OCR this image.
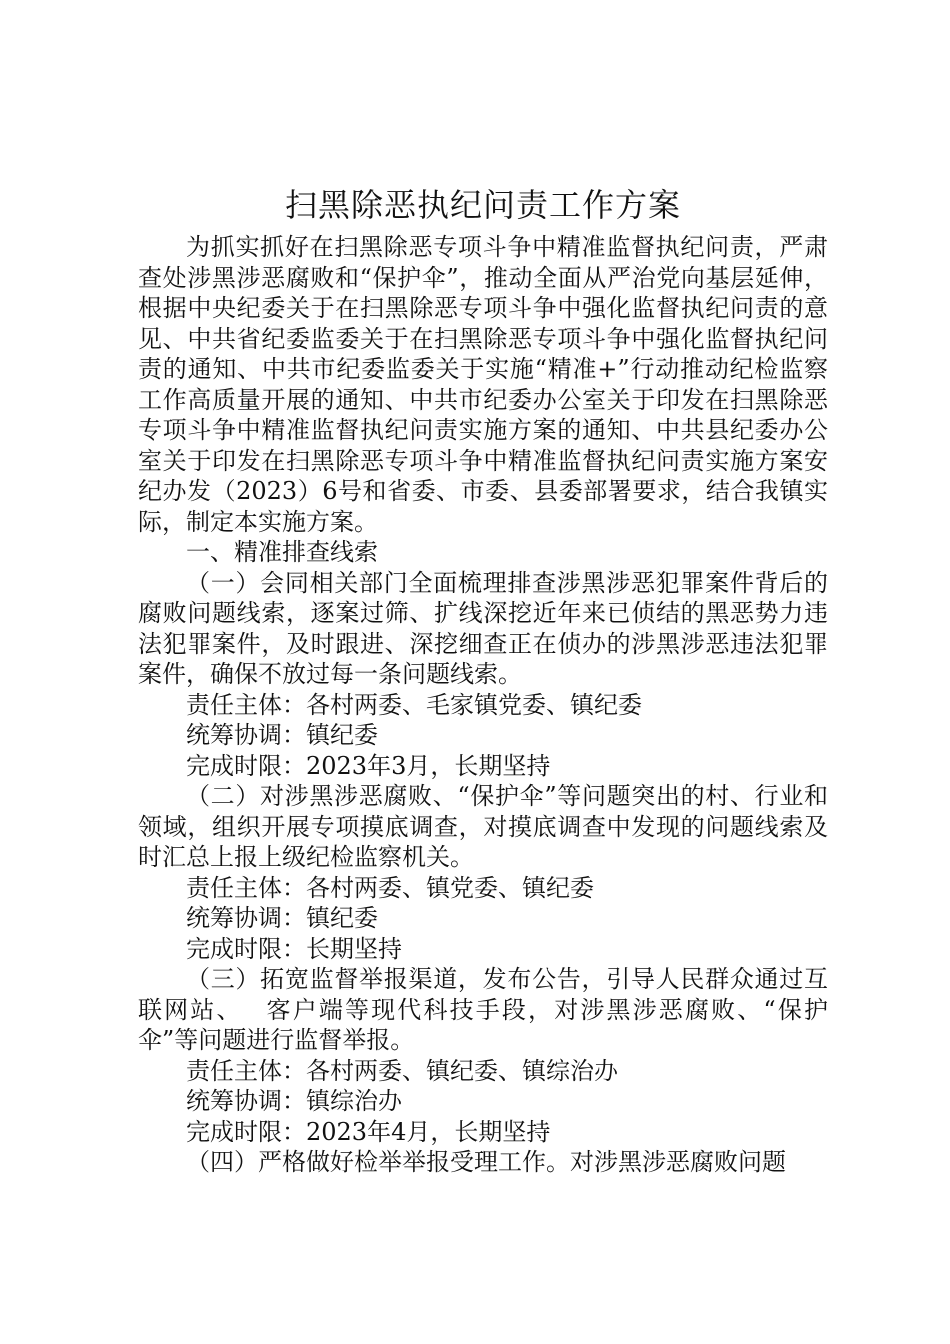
扫黑除恶执纪问责工作方案

为抓实抓好在扫黑除恶专项斗争中精准监督执纪问责，严肃查处涉黑涉恶腐败和“保护伞”，推动全面从严治党向基层延伸，根据中央纪委关于在扫黑除恶专项斗争中强化监督执纪问责的意见、中共省纪委监委关于在扫黑除恶专项斗争中强化监督执纪问责的通知、中共市纪委监委关于实施“精准+”行动推动纪检监察工作高质量开展的通知、中共市纪委办公室关于印发在扫黑除恶专项斗争中精准监督执纪问责实施方案的通知、中共县纪委办公室关于印发在扫黑除恶专项斗争中精准监督执纪问责实施方案安纪办发（2023）6号和省委、市委、县委部署要求，结合我镇实际，制定本实施方案。

一、精准排查线索

（一）会同相关部门全面梳理排查涉黑涉恶犯罪案件背后的腐败问题线索，逐案过筛、扩线深挖近年来已侦结的黑恶势力违法犯罪案件，及时跟进、深挖细查正在侦办的涉黑涉恶违法犯罪案件，确保不放过每一条问题线索。

责任主体：各村两委、毛家镇党委、镇纪委

统筹协调：镇纪委

完成时限：2023年3月，长期坚持

（二）对涉黑涉恶腐败、“保护伞”等问题突出的村、行业和领域，组织开展专项摸底调查，对摸底调查中发现的问题线索及时汇总上报上级纪检监察机关。

责任主体：各村两委、镇党委、镇纪委

统筹协调：镇纪委

完成时限：长期坚持

（三）拓宽监督举报渠道，发布公告，引导人民群众通过互联网站、　 客户端等现代科技手段，对涉黑涉恶腐败、“保护伞”等问题进行监督举报。

责任主体：各村两委、镇纪委、镇综治办

统筹协调：镇综治办

完成时限：2023年4月，长期坚持

（四）严格做好检举举报受理工作。对涉黑涉恶腐败问题
